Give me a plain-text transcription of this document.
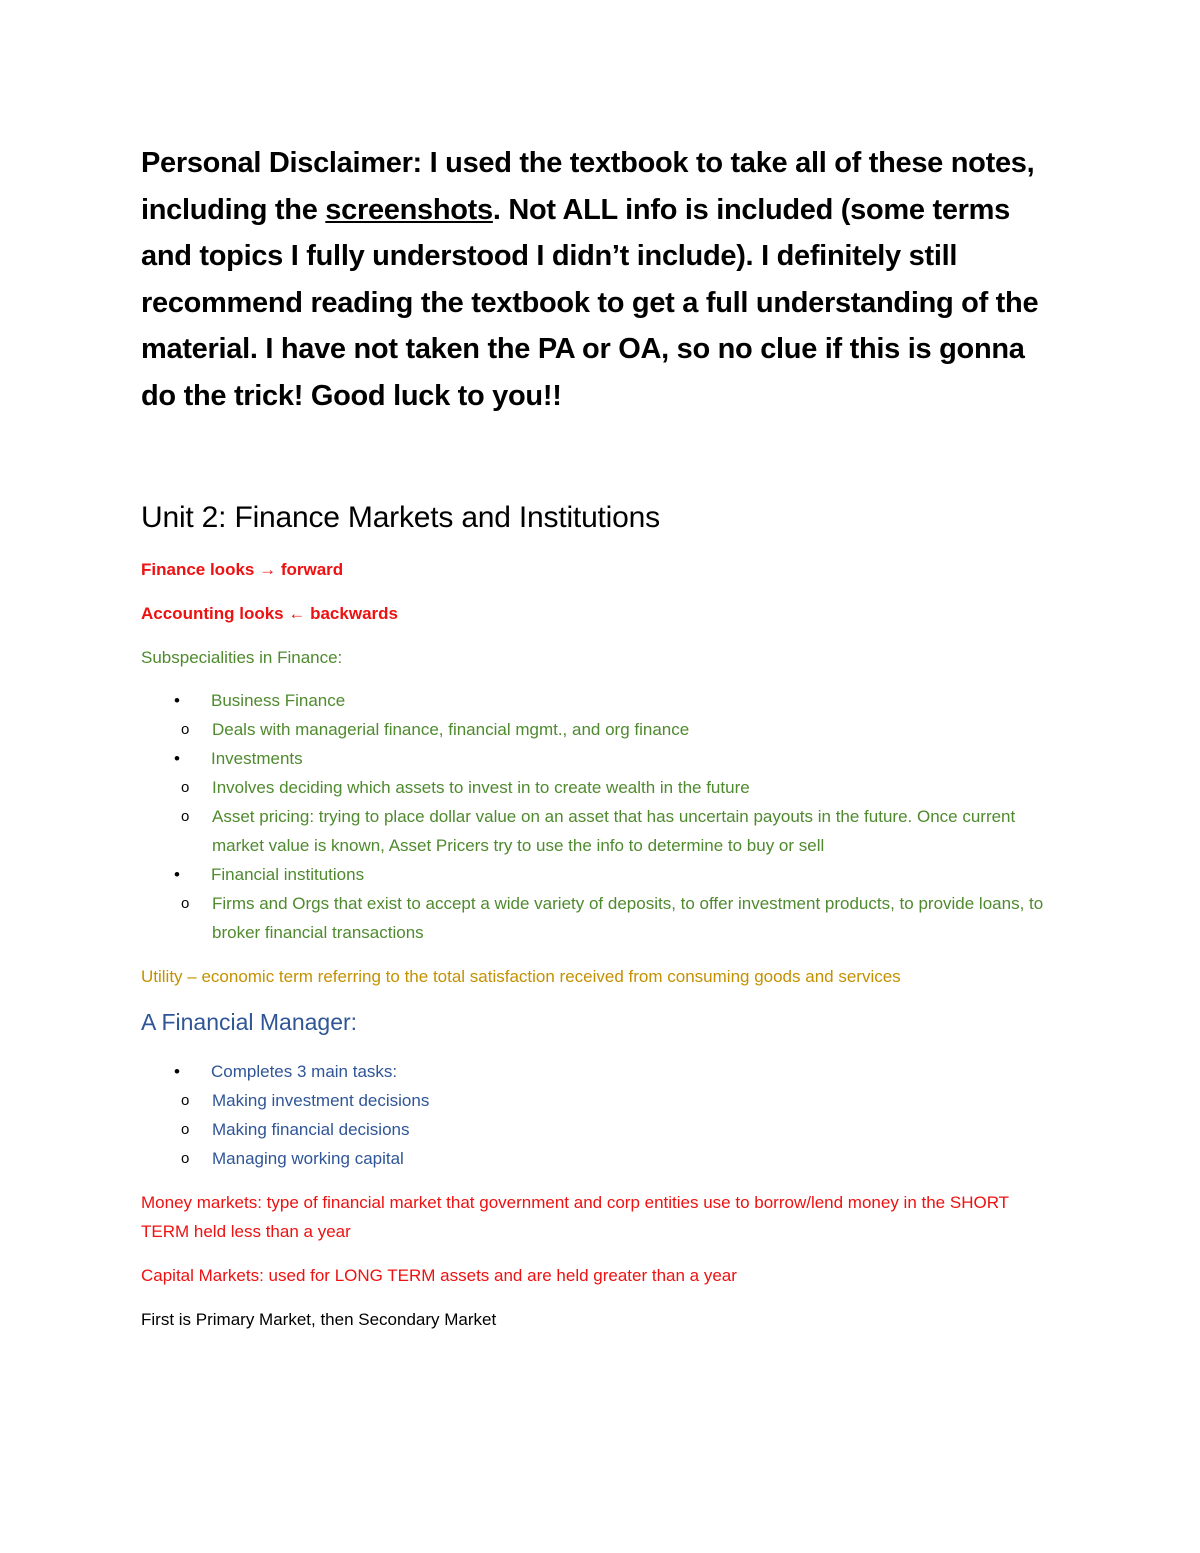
Personal Disclaimer: I used the textbook to take all of these notes, including the screenshots. Not ALL info is included (some terms and topics I fully understood I didn’t include). I definitely still recommend reading the textbook to get a full understanding of the material. I have not taken the PA or OA, so no clue if this is gonna do the trick! Good luck to you!!

Unit 2: Finance Markets and Institutions

Finance looks → forward

Accounting looks ← backwards

Subspecialities in Finance:

• Business Finance
o Deals with managerial finance, financial mgmt., and org finance
• Investments
o Involves deciding which assets to invest in to create wealth in the future
o Asset pricing: trying to place dollar value on an asset that has uncertain payouts in the future. Once current market value is known, Asset Pricers try to use the info to determine to buy or sell
• Financial institutions
o Firms and Orgs that exist to accept a wide variety of deposits, to offer investment products, to provide loans, to broker financial transactions

Utility – economic term referring to the total satisfaction received from consuming goods and services

A Financial Manager:
• Completes 3 main tasks:
o Making investment decisions
o Making financial decisions
o Managing working capital

Money markets: type of financial market that government and corp entities use to borrow/lend money in the SHORT TERM held less than a year

Capital Markets: used for LONG TERM assets and are held greater than a year

First is Primary Market, then Secondary Market
